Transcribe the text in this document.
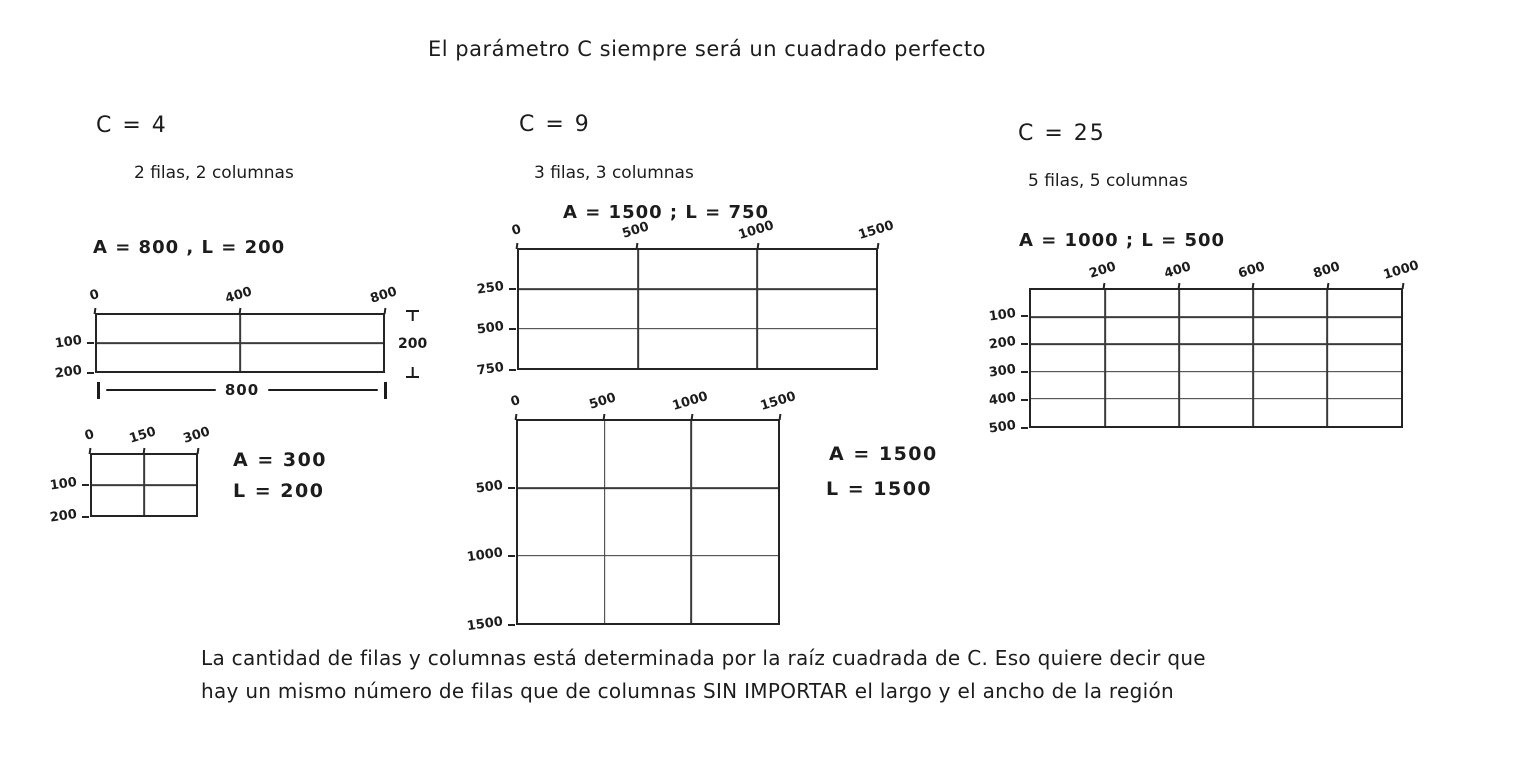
El parámetro C siempre será un cuadrado perfecto
C = 4
2 filas, 2 columnas
A = 800 , L = 200
200
800
0	400	800
100
200
0 150 300
100
200
A = 300
L = 200
C = 9
3 filas, 3 columnas
A = 1500 ; L = 750
0	500	1000	1500
250
500
750
0	500	1000	1500
500
1000
1500
A = 1500
L = 1500
C = 25
5 filas, 5 columnas
A = 1000 ; L = 500
200	400	600	800	1000
100
200
300
400
500
La cantidad de filas y columnas está determinada por la raíz cuadrada de C. Eso quiere decir que
hay un mismo número de filas que de columnas SIN IMPORTAR el largo y el ancho de la región
